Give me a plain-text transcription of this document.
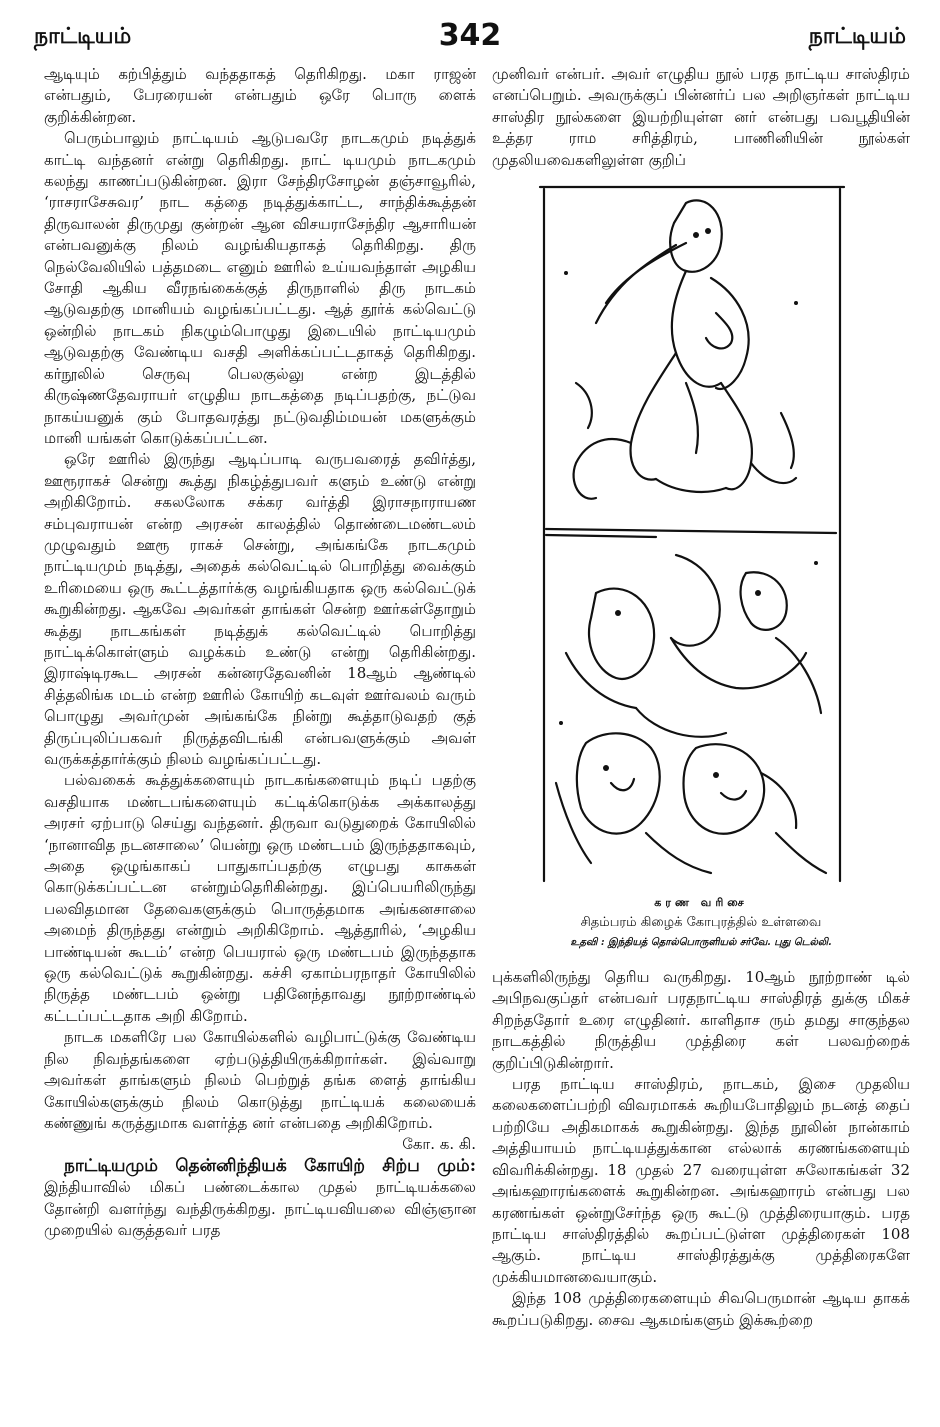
நாட்டியம்	342	நாட்டியம்

ஆடியும் கற்பித்தும் வந்ததாகத் தெரிகிறது. மகா ராஜன் என்பதும், பேரரையன் என்பதும் ஒரே பொரு ளைக் குறிக்கின்றன.

பெரும்பாலும் நாட்டியம் ஆடுபவரே நாடகமும் நடித்துக் காட்டி வந்தனர் என்று தெரிகிறது. நாட் டியமும் நாடகமும் கலந்து காணப்படுகின்றன. இரா சேந்திரசோழன் தஞ்சாவூரில், ‘ராசராசேசுவர’ நாட கத்தை நடித்துக்காட்ட, சாந்திக்கூத்தன் திருவாலன் திருமுது குன்றன் ஆன விசயராசேந்திர ஆசாரியன் என்பவனுக்கு நிலம் வழங்கியதாகத் தெரிகிறது. திரு நெல்வேலியில் பத்தமடை எனும் ஊரில் உய்யவந்தாள் அழகிய சோதி ஆகிய வீரநங்கைக்குத் திருநாளில் திரு நாடகம் ஆடுவதற்கு மானியம் வழங்கப்பட்டது. ஆத் தூர்க் கல்வெட்டு ஒன்றில் நாடகம் நிகழும்பொழுது இடையில் நாட்டியமும் ஆடுவதற்கு வேண்டிய வசதி அளிக்கப்பட்டதாகத் தெரிகிறது. கர்நூலில் செருவு பெலகுல்லு என்ற இடத்தில் கிருஷ்ணதேவராயர் எழுதிய நாடகத்தை நடிப்பதற்கு, நட்டுவ நாகய்யனுக் கும் போதவரத்து நட்டுவதிம்மயன் மகளுக்கும் மானி யங்கள் கொடுக்கப்பட்டன.

ஒரே ஊரில் இருந்து ஆடிப்பாடி வருபவரைத் தவிர்த்து, ஊரூராகச் சென்று கூத்து நிகழ்த்துபவர் களும் உண்டு என்று அறிகிறோம். சகலலோக சக்கர வர்த்தி இராசநாராயண சம்புவராயன் என்ற அரசன் காலத்தில் தொண்டைமண்டலம் முழுவதும் ஊரூ ராகச் சென்று, அங்கங்கே நாடகமும் நாட்டியமும் நடித்து, அதைக் கல்வெட்டில் பொறித்து வைக்கும் உரிமையை ஒரு கூட்டத்தார்க்கு வழங்கியதாக ஒரு கல்வெட்டுக் கூறுகின்றது. ஆகவே அவர்கள் தாங்கள் சென்ற ஊர்கள்தோறும் கூத்து நாடகங்கள் நடித்துக் கல்வெட்டில் பொறித்து நாட்டிக்கொள்ளும் வழக்கம் உண்டு என்று தெரிகின்றது. இராஷ்டிரகூட அரசன் கன்னரதேவனின் 18ஆம் ஆண்டில் சித்தலிங்க மடம் என்ற ஊரில் கோயிற் கடவுள் ஊர்வலம் வரும் பொழுது அவர்முன் அங்கங்கே நின்று கூத்தாடுவதற் குத் திருப்புலிப்பகவர் நிருத்தவிடங்கி என்பவளுக்கும் அவள் வருக்கத்தார்க்கும் நிலம் வழங்கப்பட்டது.

பல்வகைக் கூத்துக்களையும் நாடகங்களையும் நடிப் பதற்கு வசதியாக மண்டபங்களையும் கட்டிக்கொடுக்க அக்காலத்து அரசர் ஏற்பாடு செய்து வந்தனர். திருவா வடுதுறைக் கோயிலில் ‘நானாவித நடனசாலை’ யென்று ஒரு மண்டபம் இருந்ததாகவும், அதை ஒழுங்காகப் பாதுகாப்பதற்கு எழுபது காசுகள் கொடுக்கப்பட்டன என்றும்தெரிகின்றது. இப்பெயரிலிருந்து பலவிதமான தேவைகளுக்கும் பொருத்தமாக அங்கனசாலை அமைந் திருந்தது என்றும் அறிகிறோம். ஆத்தூரில், ‘அழகிய பாண்டியன் கூடம்’ என்ற பெயரால் ஒரு மண்டபம் இருந்ததாக ஒரு கல்வெட்டுக் கூறுகின்றது. கச்சி ஏகாம்பரநாதர் கோயிலில் நிருத்த மண்டபம் ஒன்று பதினேந்தாவது நூற்றாண்டில் கட்டப்பட்டதாக அறி கிறோம்.

நாடக மகளிரே பல கோயில்களில் வழிபாட்டுக்கு வேண்டிய நில நிவந்தங்களை ஏற்படுத்தியிருக்கிறார்கள். இவ்வாறு அவர்கள் தாங்களும் நிலம் பெற்றுத் தங்க ளைத் தாங்கிய கோயில்களுக்கும் நிலம் கொடுத்து நாட்டியக் கலையைக் கண்ணுங் கருத்துமாக வளர்த்த னர் என்பதை அறிகிறோம்.

கோ. க. கி.

நாட்டியமும் தென்னிந்தியக் கோயிற் சிற்ப மும்: இந்தியாவில் மிகப் பண்டைக்கால முதல் நாட்டியக்கலை தோன்றி வளர்ந்து வந்திருக்கிறது. நாட்டியவியலை விஞ்ஞான முறையில் வகுத்தவர் பரத

முனிவர் என்பர். அவர் எழுதிய நூல் பரத நாட்டிய சாஸ்திரம் எனப்பெறும். அவருக்குப் பின்னர்ப் பல அறிஞர்கள் நாட்டிய சாஸ்திர நூல்களை இயற்றியுள்ள னர் என்பது பவபூதியின் உத்தர ராம சரித்திரம், பாணினியின் நூல்கள் முதலியவைகளிலுள்ள குறிப்

கரண வரிசை
சிதம்பரம் கிழைக் கோபுரத்தில் உள்ளவை
உதவி : இந்தியத் தொல்பொருளியல் சர்வே. புது டெல்லி.

புக்களிலிருந்து தெரிய வருகிறது. 10ஆம் நூற்றாண் டில் அபிநவகுப்தர் என்பவர் பரதநாட்டிய சாஸ்திரத் துக்கு மிகச் சிறந்ததோர் உரை எழுதினர். காளிதாச ரும் தமது சாகுந்தல நாடகத்தில் நிருத்திய முத்திரை கள் பலவற்றைக் குறிப்பிடுகின்றார்.

பரத நாட்டிய சாஸ்திரம், நாடகம், இசை முதலிய கலைகளைப்பற்றி விவரமாகக் கூறியபோதிலும் நடனத் தைப் பற்றியே அதிகமாகக் கூறுகின்றது. இந்த நூலின் நான்காம் அத்தியாயம் நாட்டியத்துக்கான எல்லாக் கரணங்களையும் விவரிக்கின்றது. 18 முதல் 27 வரையுள்ள சுலோகங்கள் 32 அங்கஹாரங்களைக் கூறுகின்றன. அங்கஹாரம் என்பது பல கரணங்கள் ஒன்றுசேர்ந்த ஒரு கூட்டு முத்திரையாகும். பரத நாட்டிய சாஸ்திரத்தில் கூறப்பட்டுள்ள முத்திரைகள் 108 ஆகும். நாட்டிய சாஸ்திரத்துக்கு முத்திரைகளே முக்கியமானவையாகும்.

இந்த 108 முத்திரைகளையும் சிவபெருமான் ஆடிய தாகக் கூறப்படுகிறது. சைவ ஆகமங்களும் இக்கூற்றை
